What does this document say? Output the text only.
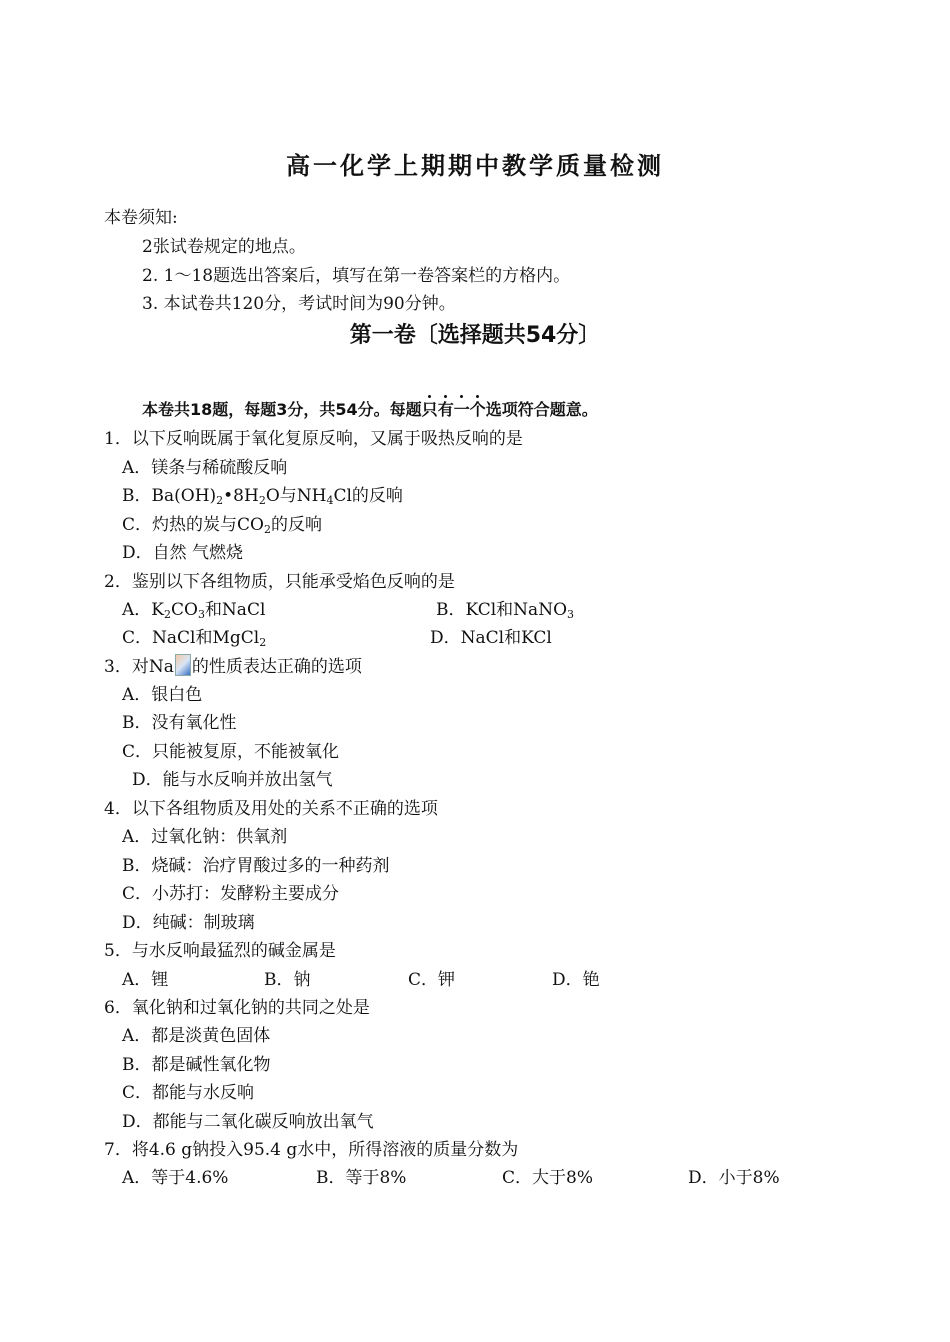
高一化学上期期中教学质量检测
本卷须知:
2张试卷规定的地点。
2. 1～18题选出答案后，填写在第一卷答案栏的方格内。
3. 本试卷共120分，考试时间为90分钟。
第一卷〔选择题共54分〕
本卷共18题，每题3分，共54分。每题只有一个选项符合题意。
1．以下反响既属于氧化复原反响，又属于吸热反响的是
A．镁条与稀硫酸反响
B．$Ba(OH)_2•8H_2O$与$NH_4Cl$的反响
C．灼热的炭与$CO_2$的反响
D．自然 气燃烧
2．鉴别以下各组物质，只能承受焰色反响的是
A．$K_2CO_3$和NaCl	B．KCl和NaNO$_3$
C．NaCl和MgCl$_2$	D．NaCl和KCl
3．对Na 的性质表达正确的选项
A．银白色
B．没有氧化性
C．只能被复原，不能被氧化
D．能与水反响并放出氢气
4．以下各组物质及用处的关系不正确的选项
A．过氧化钠：供氧剂
B．烧碱：治疗胃酸过多的一种药剂
C．小苏打：发酵粉主要成分
D．纯碱：制玻璃
5．与水反响最猛烈的碱金属是
A．锂	B．钠	C．钾	D．铯
6．氧化钠和过氧化钠的共同之处是
A．都是淡黄色固体
B．都是碱性氧化物
C．都能与水反响
D．都能与二氧化碳反响放出氧气
7．将4.6 g钠投入95.4 g水中，所得溶液的质量分数为
A．等于4.6%	B．等于8%	C．大于8%	D．小于8%
